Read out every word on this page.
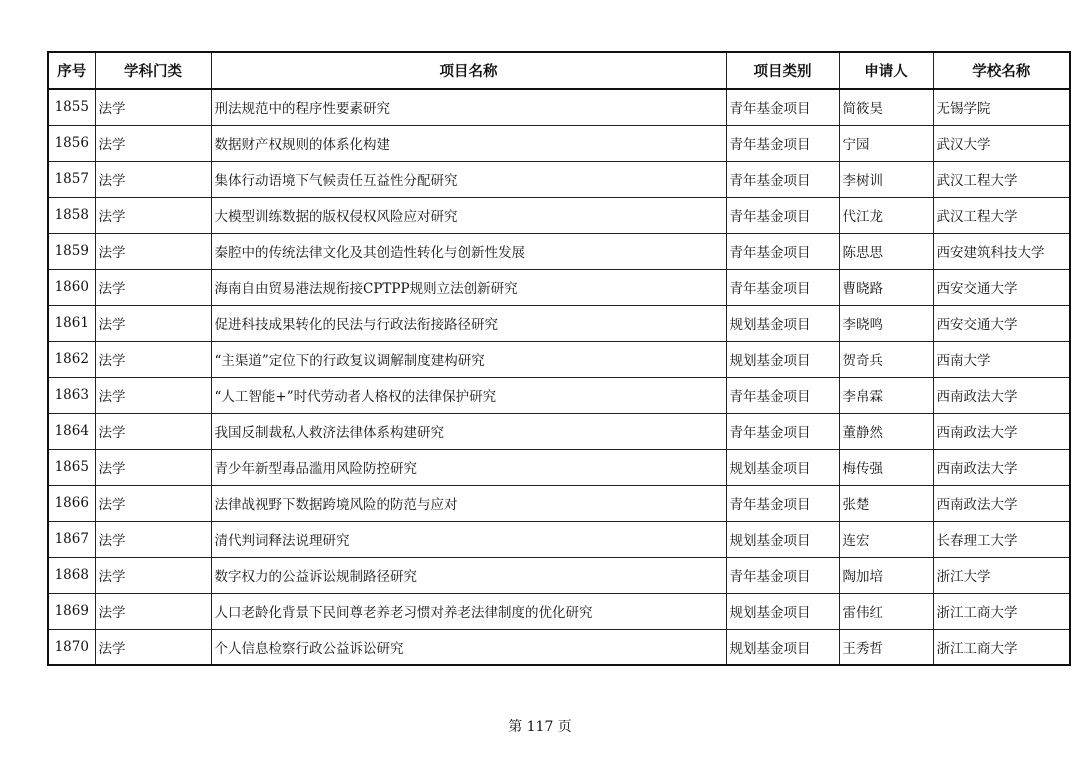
序号	学科门类	项目名称	项目类别	申请人	学校名称
1855	法学	刑法规范中的程序性要素研究	青年基金项目	简筱昊	无锡学院
1856	法学	数据财产权规则的体系化构建	青年基金项目	宁园	武汉大学
1857	法学	集体行动语境下气候责任互益性分配研究	青年基金项目	李树训	武汉工程大学
1858	法学	大模型训练数据的版权侵权风险应对研究	青年基金项目	代江龙	武汉工程大学
1859	法学	秦腔中的传统法律文化及其创造性转化与创新性发展	青年基金项目	陈思思	西安建筑科技大学
1860	法学	海南自由贸易港法规衔接CPTPP规则立法创新研究	青年基金项目	曹晓路	西安交通大学
1861	法学	促进科技成果转化的民法与行政法衔接路径研究	规划基金项目	李晓鸣	西安交通大学
1862	法学	“主渠道”定位下的行政复议调解制度建构研究	规划基金项目	贺奇兵	西南大学
1863	法学	“人工智能+”时代劳动者人格权的法律保护研究	青年基金项目	李帛霖	西南政法大学
1864	法学	我国反制裁私人救济法律体系构建研究	青年基金项目	董静然	西南政法大学
1865	法学	青少年新型毒品滥用风险防控研究	规划基金项目	梅传强	西南政法大学
1866	法学	法律战视野下数据跨境风险的防范与应对	青年基金项目	张楚	西南政法大学
1867	法学	清代判词释法说理研究	规划基金项目	连宏	长春理工大学
1868	法学	数字权力的公益诉讼规制路径研究	青年基金项目	陶加培	浙江大学
1869	法学	人口老龄化背景下民间尊老养老习惯对养老法律制度的优化研究	规划基金项目	雷伟红	浙江工商大学
1870	法学	个人信息检察行政公益诉讼研究	规划基金项目	王秀哲	浙江工商大学
第 117 页
